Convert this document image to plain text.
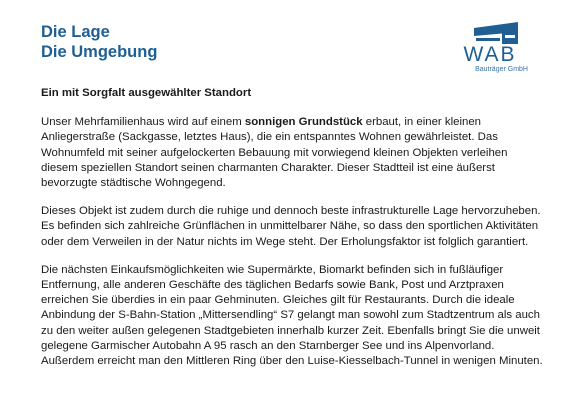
Die Lage
Die Umgebung	WAB
Bauträger GmbH
Ein mit Sorgfalt ausgewählter Standort

Unser Mehrfamilienhaus wird auf einem sonnigen Grundstück erbaut, in einer kleinen Anliegerstraße (Sackgasse, letztes Haus), die ein entspanntes Wohnen gewährleistet. Das Wohnumfeld mit seiner aufgelockerten Bebauung mit vorwiegend kleinen Objekten verleihen diesem speziellen Standort seinen charmanten Charakter. Dieser Stadtteil ist eine äußerst bevorzugte städtische Wohngegend.

Dieses Objekt ist zudem durch die ruhige und dennoch beste infrastrukturelle Lage hervorzuheben. Es befinden sich zahlreiche Grünflächen in unmittelbarer Nähe, so dass den sportlichen Aktivitäten oder dem Verweilen in der Natur nichts im Wege steht. Der Erholungsfaktor ist folglich garantiert.

Die nächsten Einkaufsmöglichkeiten wie Supermärkte, Biomarkt befinden sich in fußläufiger Entfernung, alle anderen Geschäfte des täglichen Bedarfs sowie Bank, Post und Arztpraxen erreichen Sie überdies in ein paar Gehminuten. Gleiches gilt für Restaurants. Durch die ideale Anbindung der S-Bahn-Station „Mittersendling“ S7 gelangt man sowohl zum Stadtzentrum als auch zu den weiter außen gelegenen Stadtgebieten innerhalb kurzer Zeit. Ebenfalls bringt Sie die unweit gelegene Garmischer Autobahn A 95 rasch an den Starnberger See und ins Alpenvorland. Außerdem erreicht man den Mittleren Ring über den Luise-Kiesselbach-Tunnel in wenigen Minuten.
